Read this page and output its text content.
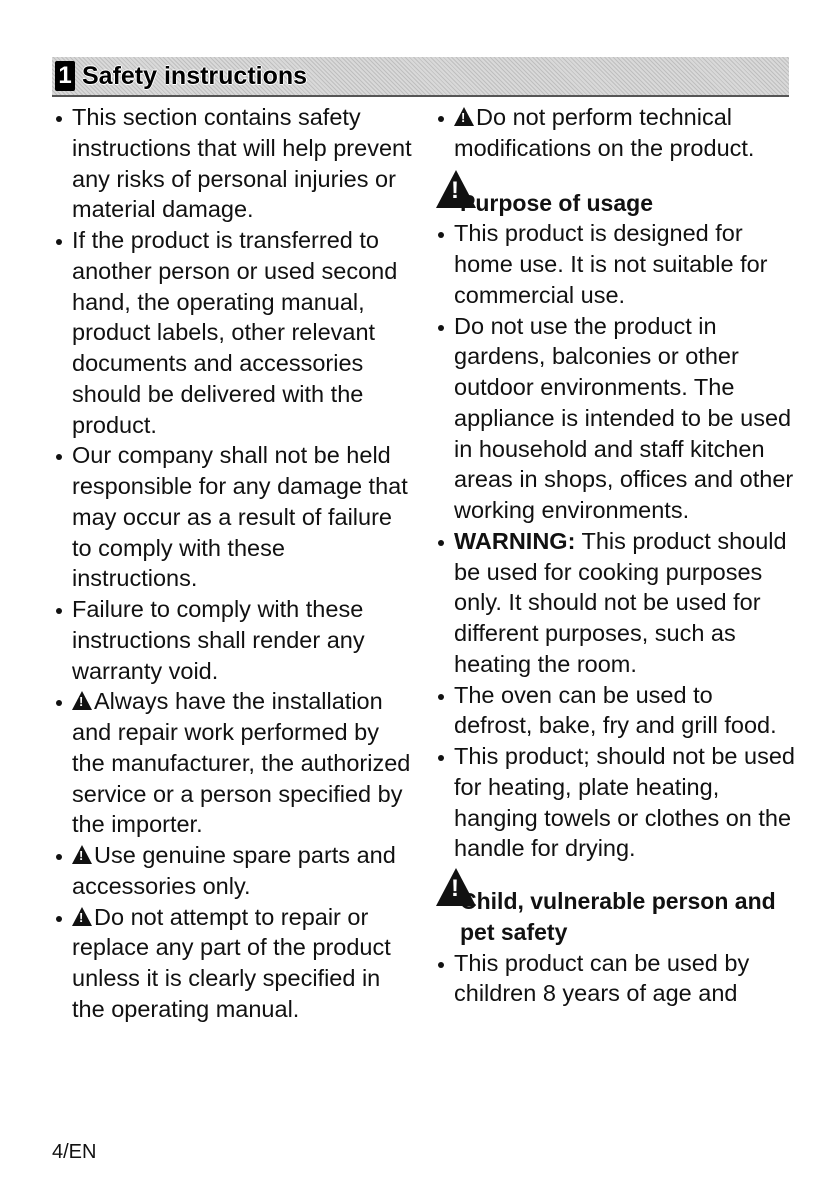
1 Safety instructions
This section contains safety instructions that will help prevent any risks of personal injuries or material damage.
If the product is transferred to another person or used second hand, the operating manual, product labels, other relevant documents and accessories should be delivered with the product.
Our company shall not be held responsible for any damage that may occur as a result of failure to comply with these instructions.
Failure to comply with these instructions shall render any warranty void.
!Always have the installation and repair work performed by the manufacturer, the authorized service or a person specified by the importer.
!Use genuine spare parts and accessories only.
!Do not attempt to repair or replace any part of the product unless it is clearly specified in the operating manual.
!Do not perform technical modifications on the product.
!
Purpose of usage
This product is designed for home use. It is not suitable for commercial use.
Do not use the product in gardens, balconies or other outdoor environments. The appliance is intended to be used in household and staff kitchen areas in shops, offices and other working environments.
WARNING: This product should be used for cooking purposes only. It should not be used for different purposes, such as heating the room.
The oven can be used to defrost, bake, fry and grill food.
This product; should not be used for heating, plate heating, hanging towels or clothes on the handle for drying.
!
Child, vulnerable person and pet safety
This product can be used by children 8 years of age and
4/EN
